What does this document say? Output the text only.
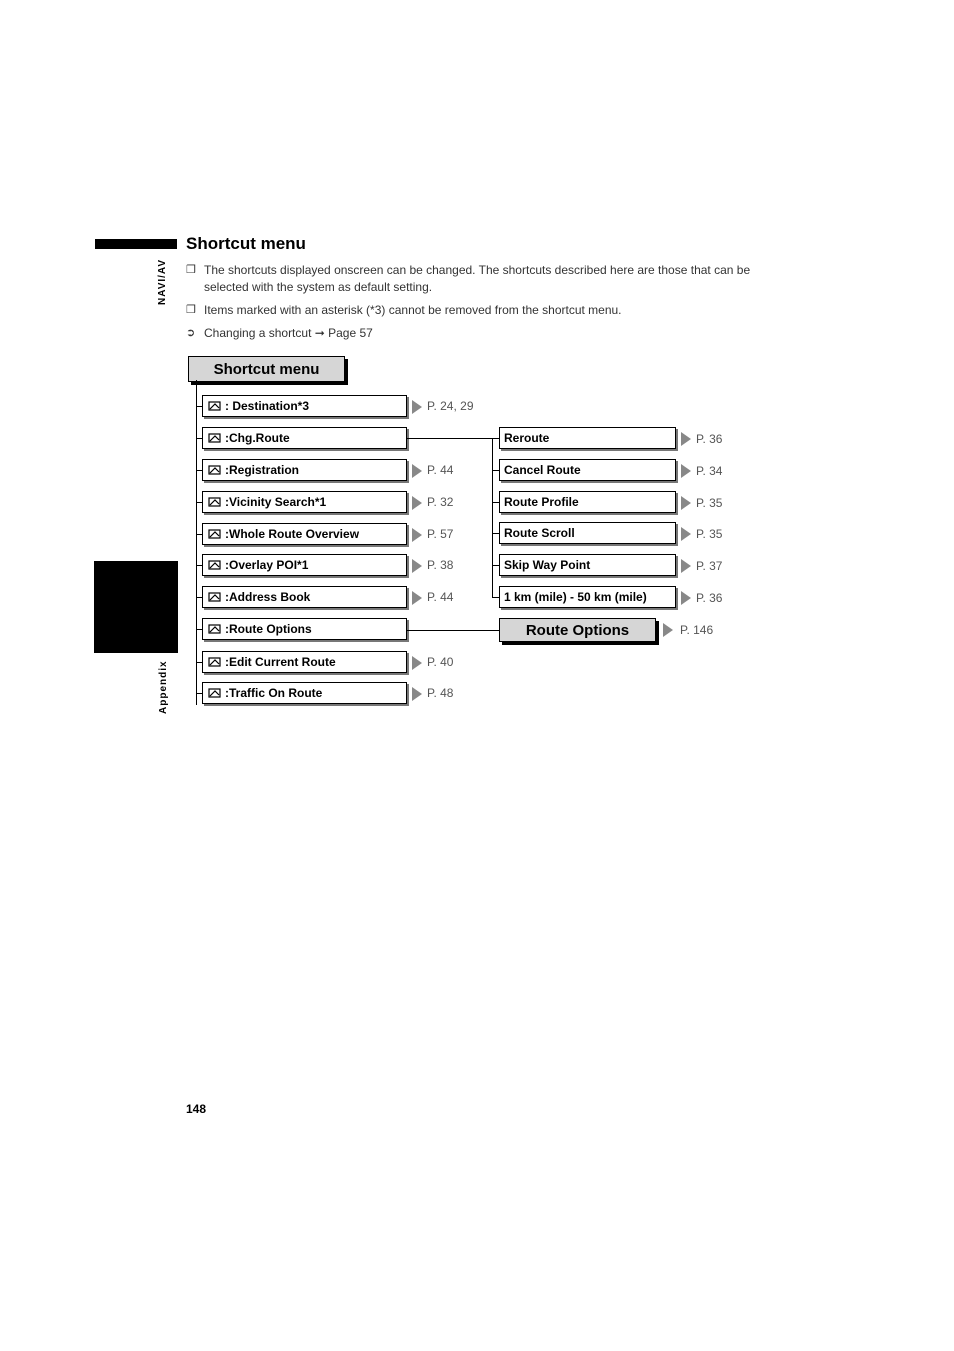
NAVI/AV
Appendix
Shortcut menu
❒ The shortcuts displayed onscreen can be changed. The shortcuts described here are those that can be selected with the system as default setting.
❒ Items marked with an asterisk (*3) cannot be removed from the shortcut menu.
➲ Changing a shortcut ➞ Page 57
Shortcut menu
: Destination*3	P. 24, 29
:Chg.Route
:Registration	P. 44
:Vicinity Search*1	P. 32
:Whole Route Overview	P. 57
:Overlay POI*1	P. 38
:Address Book	P. 44
:Route Options
:Edit Current Route	P. 40
:Traffic On Route	P. 48
Reroute	P. 36
Cancel Route	P. 34
Route Profile	P. 35
Route Scroll	P. 35
Skip Way Point	P. 37
1 km (mile) - 50 km (mile)	P. 36
Route Options	P. 146
148
